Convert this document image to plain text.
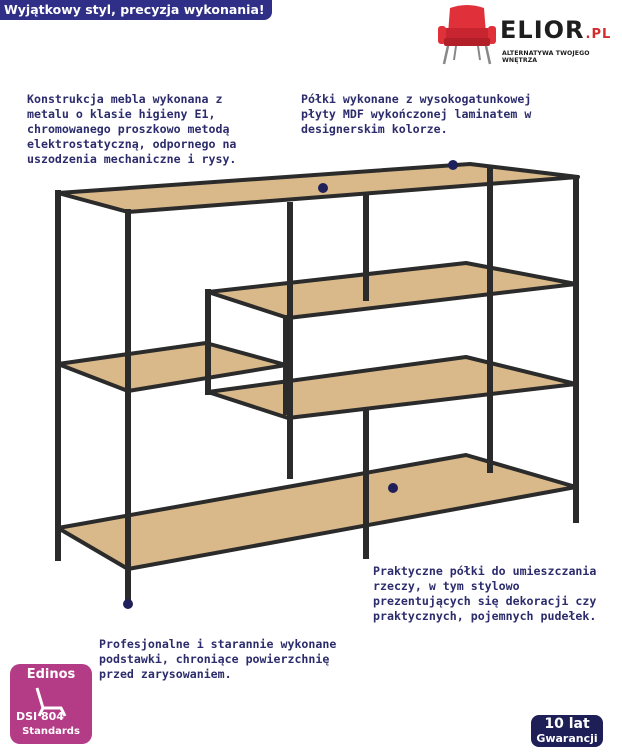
Wyjątkowy styl, precyzja wykonania!
ELIOR.PL
ALTERNATYWA TWOJEGO WNĘTRZA
Konstrukcja mebla wykonana z
metalu o klasie higieny E1,
chromowanego proszkowo metodą
elektrostatyczną, odpornego na
uszodzenia mechaniczne i rysy.
Półki wykonane z wysokogatunkowej
płyty MDF wykończonej laminatem w
designerskim kolorze.
Praktyczne półki do umieszczania
rzeczy, w tym stylowo
prezentujących się dekoracji czy
praktycznych, pojemnych pudełek.
Profesjonalne i starannie wykonane
podstawki, chroniące powierzchnię
przed zarysowaniem.
Edinos
DSI 804
Standards	10 lat
Gwarancji
